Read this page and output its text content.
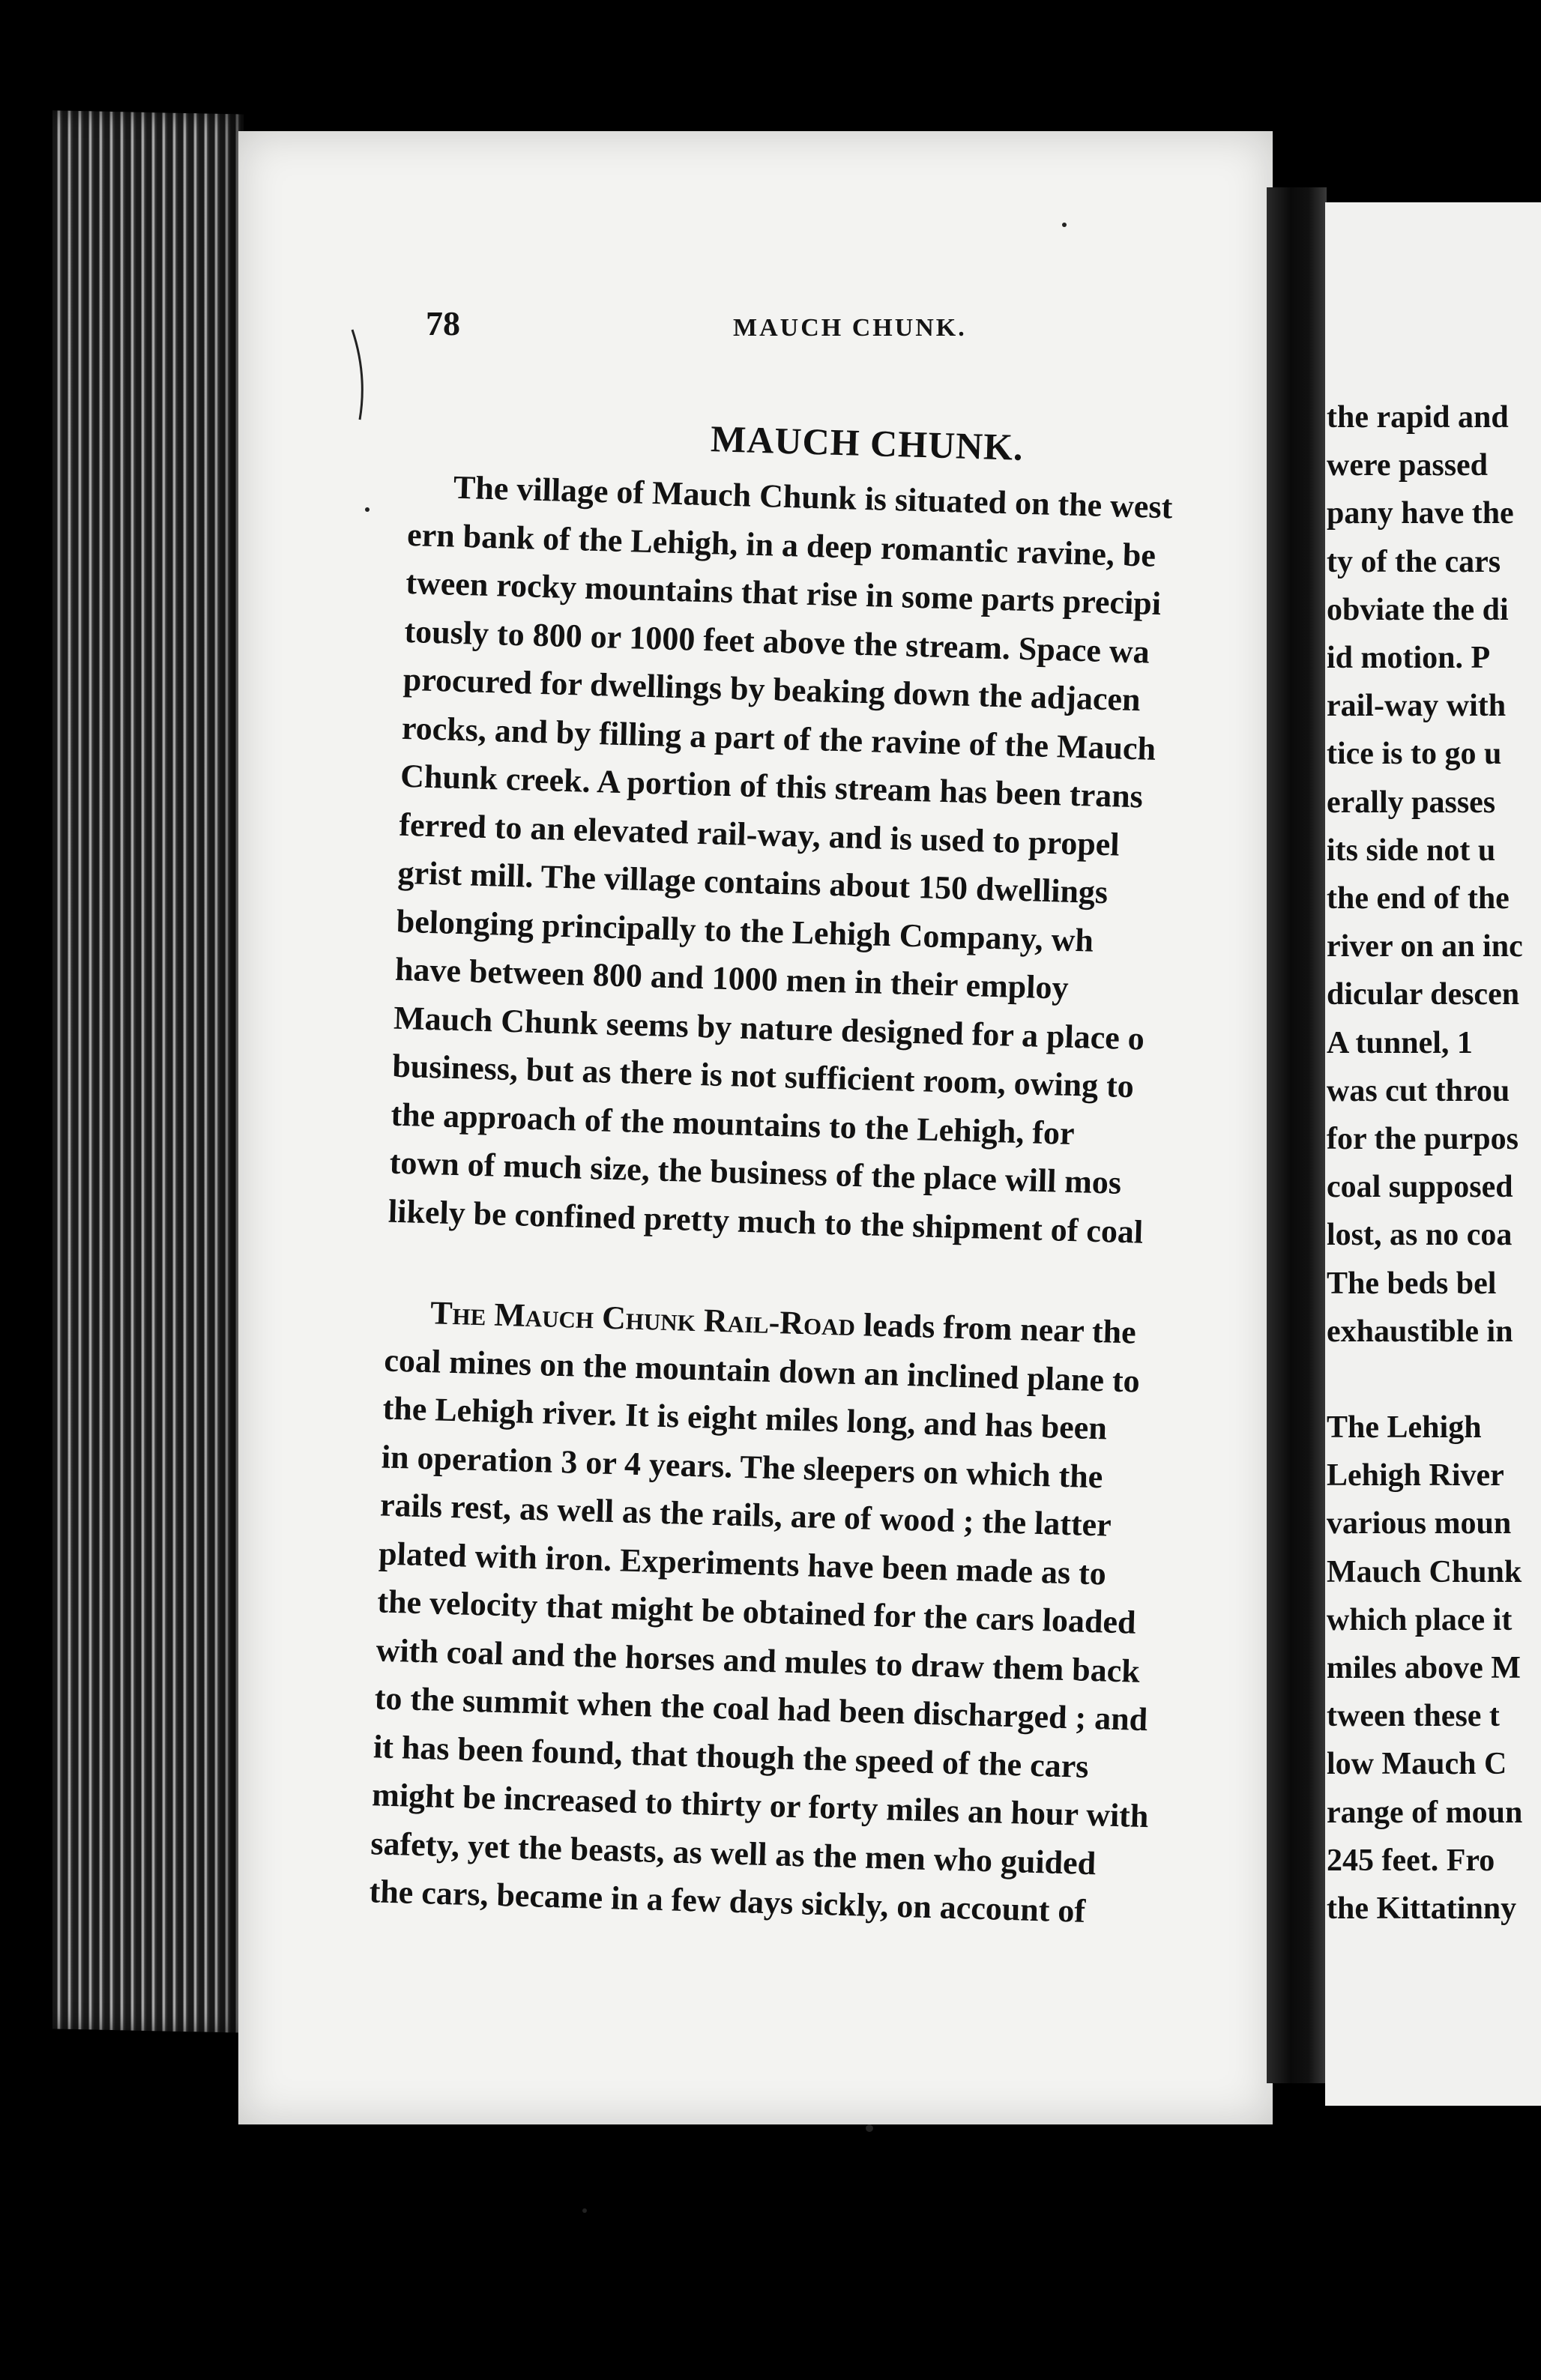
78	MAUCH CHUNK.
MAUCH CHUNK.
The village of Mauch Chunk is situated on the west
ern bank of the Lehigh, in a deep romantic ravine, be
tween rocky mountains that rise in some parts precipi
tously to 800 or 1000 feet above the stream. Space wa
procured for dwellings by beaking down the adjacen
rocks, and by filling a part of the ravine of the Mauch
Chunk creek. A portion of this stream has been trans
ferred to an elevated rail-way, and is used to propel
grist mill. The village contains about 150 dwellings
belonging principally to the Lehigh Company, wh
have between 800 and 1000 men in their employ
Mauch Chunk seems by nature designed for a place o
business, but as there is not sufficient room, owing to
the approach of the mountains to the Lehigh, for
town of much size, the business of the place will mos
likely be confined pretty much to the shipment of coal
The Mauch Chunk Rail-Road leads from near the
coal mines on the mountain down an inclined plane to
the Lehigh river. It is eight miles long, and has been
in operation 3 or 4 years. The sleepers on which the
rails rest, as well as the rails, are of wood ; the latter
plated with iron. Experiments have been made as to
the velocity that might be obtained for the cars loaded
with coal and the horses and mules to draw them back
to the summit when the coal had been discharged ; and
it has been found, that though the speed of the cars
might be increased to thirty or forty miles an hour with
safety, yet the beasts, as well as the men who guided
the cars, became in a few days sickly, on account of
the rapid and
were passed
pany have the
ty of the cars
obviate the di
id motion. P
rail-way with
tice is to go u
erally passes
its side not u
the end of the
river on an inc
dicular descen
A tunnel, 1
was cut throu
for the purpos
coal supposed
lost, as no coa
The beds bel
exhaustible in
The Lehigh
Lehigh River
various moun
Mauch Chunk
which place it
miles above M
tween these t
low Mauch C
range of moun
245 feet. Fro
the Kittatinny
